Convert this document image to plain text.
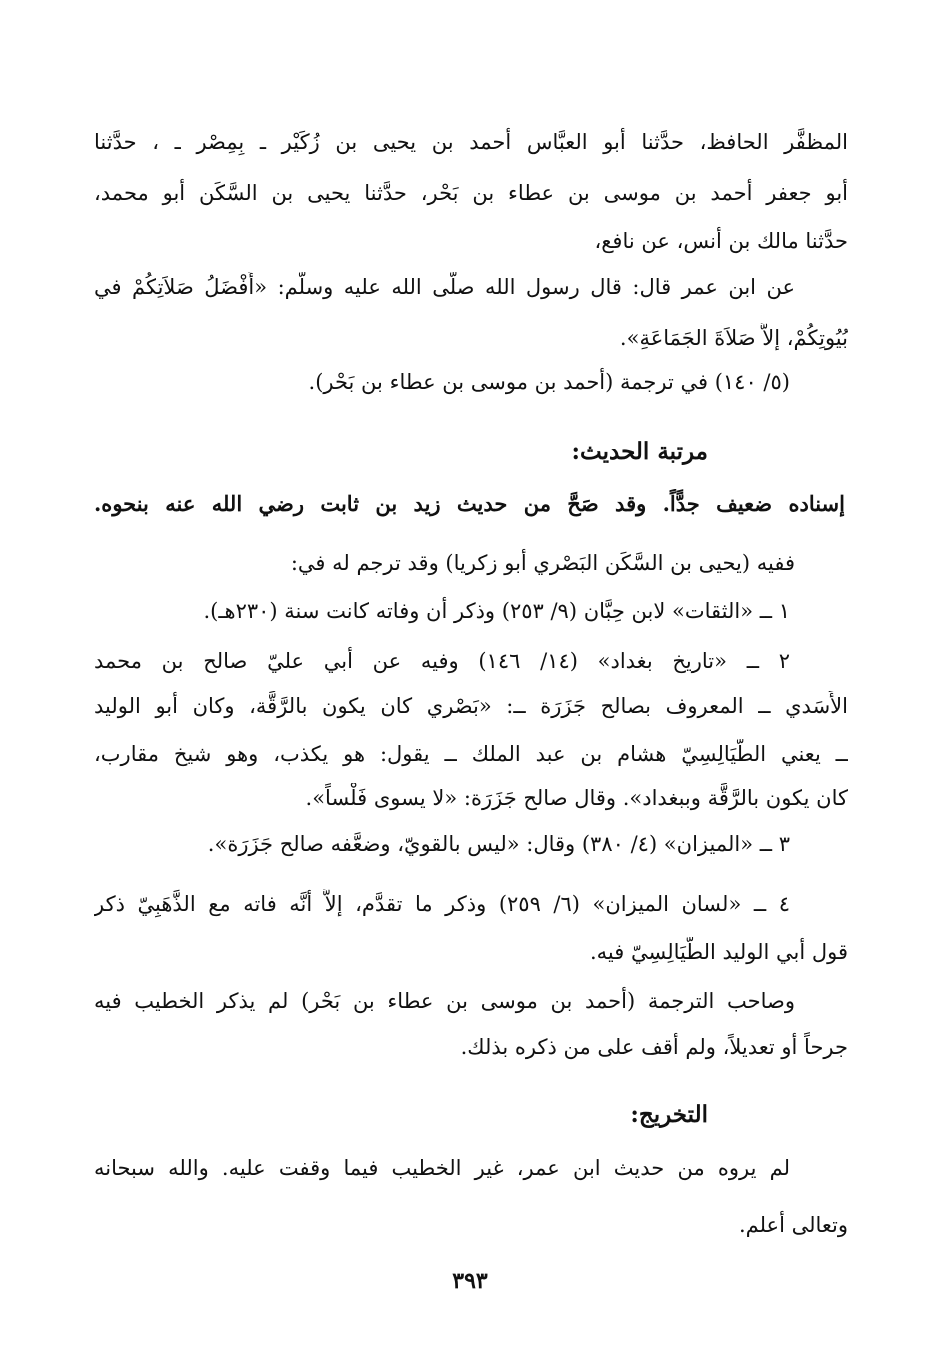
المظفَّر الحافظ، حدَّثنا أبو العبَّاس أحمد بن يحيى بن زُكَيْر ـ بِمِصْر ـ ، حدَّثنا
أبو جعفر أحمد بن موسى بن عطاء بن بَحْر، حدَّثنا يحيى بن السَّكَن أبو محمد،
حدَّثنا مالك بن أنس، عن نافع،
عن ابن عمر قال: قال رسول الله صلَّى الله عليه وسلَّم: «أَفْضَلُ صَلاَتِكُمْ في
بُيُوتِكُمْ، إلاَّ صَلاَةَ الجَمَاعَةِ».
(٥/ ١٤٠) في ترجمة (أحمد بن موسى بن عطاء بن بَحْر).
مرتبة الحديث:
إسناده ضعيف جدًّاً. وقد صَحَّ من حديث زيد بن ثابت رضي الله عنه بنحوه.
ففيه (يحيى بن السَّكَن البَصْري أبو زكريا) وقد ترجم له في:
١ ــ «الثقات» لابن حِبَّان (٩/ ٢٥٣) وذكر أن وفاته كانت سنة (٢٣٠هـ).
٢ ــ «تاريخ بغداد» (١٤/ ١٤٦) وفيه عن أبي عليّ صالح بن محمد
الأَسَدي ــ المعروف بصالح جَزَرَة ــ: «بَصْري كان يكون بالرَّقَّة، وكان أبو الوليد
ــ يعني الطَّيَالِسِيّ هشام بن عبد الملك ــ يقول: هو يكذب، وهو شيخ مقارب،
كان يكون بالرَّقَّة وببغداد». وقال صالح جَزَرَة: «لا يسوى فَلْساً».
٣ ــ «الميزان» (٤/ ٣٨٠) وقال: «ليس بالقويّ، وضعَّفه صالح جَزَرَة».
٤ ــ «لسان الميزان» (٦/ ٢٥٩) وذكر ما تقدَّم، إلاَّ أنَّه فاته مع الذَّهَبِيّ ذكر
قول أبي الوليد الطَّيَالِسِيّ فيه.
وصاحب الترجمة (أحمد بن موسى بن عطاء بن بَحْر) لم يذكر الخطيب فيه
جرحاً أو تعديلاً، ولم أقف على من ذكره بذلك.
التخريج:
لم يروه من حديث ابن عمر، غير الخطيب فيما وقفت عليه. والله سبحانه
وتعالى أعلم.
٣٩٣
